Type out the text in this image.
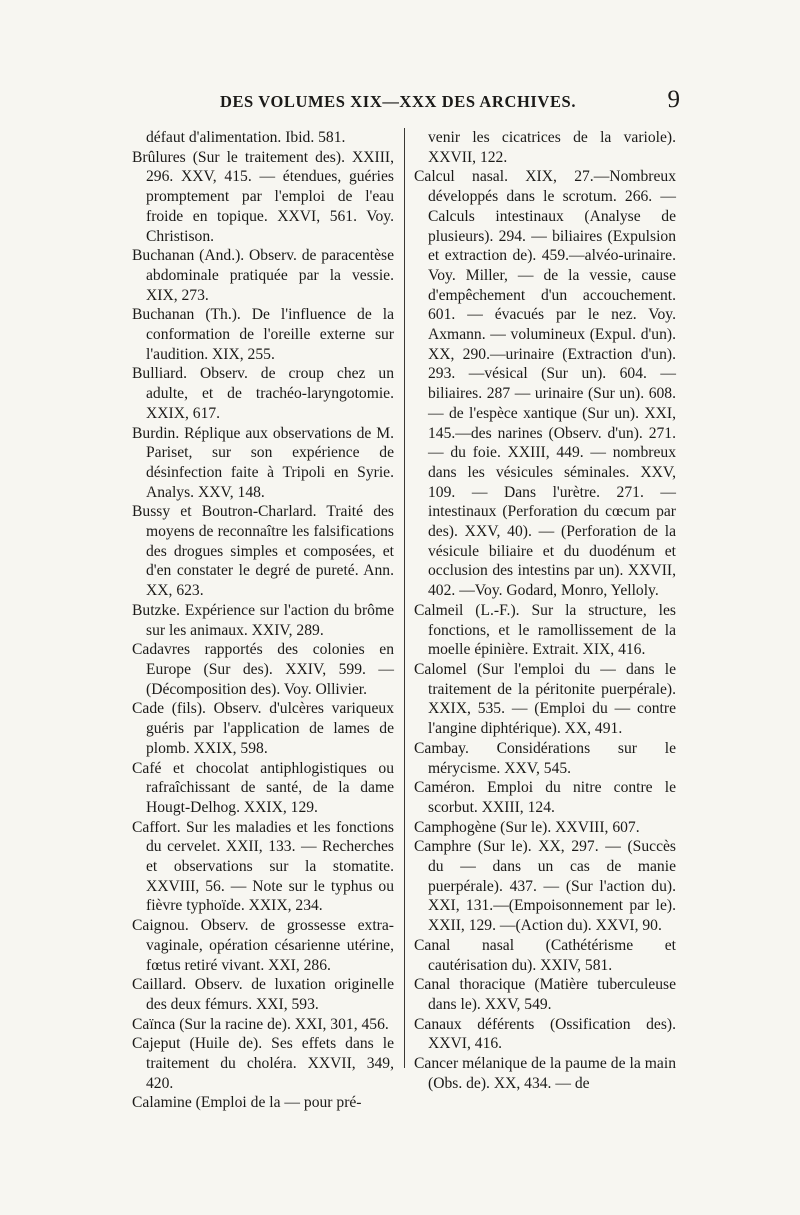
DES VOLUMES XIX—XXX DES ARCHIVES.	9

défaut d'alimentation. Ibid. 581.

Brûlures (Sur le traitement des). XXIII, 296. XXV, 415. — étendues, guéries promptement par l'emploi de l'eau froide en topique. XXVI, 561. Voy. Christison.

Buchanan (And.). Observ. de paracentèse abdominale pratiquée par la vessie. XIX, 273.

Buchanan (Th.). De l'influence de la conformation de l'oreille externe sur l'audition. XIX, 255.

Bulliard. Observ. de croup chez un adulte, et de trachéo-laryngotomie. XXIX, 617.

Burdin. Réplique aux observations de M. Pariset, sur son expérience de désinfection faite à Tripoli en Syrie. Analys. XXV, 148.

Bussy et Boutron-Charlard. Traité des moyens de reconnaître les falsifications des drogues simples et composées, et d'en constater le degré de pureté. Ann. XX, 623.

Butzke. Expérience sur l'action du brôme sur les animaux. XXIV, 289.

Cadavres rapportés des colonies en Europe (Sur des). XXIV, 599. — (Décomposition des). Voy. Ollivier.

Cade (fils). Observ. d'ulcères variqueux guéris par l'application de lames de plomb. XXIX, 598.

Café et chocolat antiphlogistiques ou rafraîchissant de santé, de la dame Hougt-Delhog. XXIX, 129.

Caffort. Sur les maladies et les fonctions du cervelet. XXII, 133. — Recherches et observations sur la stomatite. XXVIII, 56. — Note sur le typhus ou fièvre typhoïde. XXIX, 234.

Caignou. Observ. de grossesse extra-vaginale, opération césarienne utérine, fœtus retiré vivant. XXI, 286.

Caillard. Observ. de luxation originelle des deux fémurs. XXI, 593.

Caïnca (Sur la racine de). XXI, 301, 456.

Cajeput (Huile de). Ses effets dans le traitement du choléra. XXVII, 349, 420.

Calamine (Emploi de la — pour pré-

venir les cicatrices de la variole). XXVII, 122.

Calcul nasal. XIX, 27.—Nombreux développés dans le scrotum. 266. — Calculs intestinaux (Analyse de plusieurs). 294. — biliaires (Expulsion et extraction de). 459.—alvéo-urinaire. Voy. Miller, — de la vessie, cause d'empêchement d'un accouchement. 601. — évacués par le nez. Voy. Axmann. — volumineux (Expul. d'un). XX, 290.—urinaire (Extraction d'un). 293. —vésical (Sur un). 604. — biliaires. 287 — urinaire (Sur un). 608. — de l'espèce xantique (Sur un). XXI, 145.—des narines (Observ. d'un). 271. — du foie. XXIII, 449. — nombreux dans les vésicules séminales. XXV, 109. — Dans l'urètre. 271. — intestinaux (Perforation du cœcum par des). XXV, 40). — (Perforation de la vésicule biliaire et du duodénum et occlusion des intestins par un). XXVII, 402. —Voy. Godard, Monro, Yelloly.

Calmeil (L.-F.). Sur la structure, les fonctions, et le ramollissement de la moelle épinière. Extrait. XIX, 416.

Calomel (Sur l'emploi du — dans le traitement de la péritonite puerpérale). XXIX, 535. — (Emploi du — contre l'angine diphtérique). XX, 491.

Cambay. Considérations sur le mérycisme. XXV, 545.

Caméron. Emploi du nitre contre le scorbut. XXIII, 124.

Camphogène (Sur le). XXVIII, 607.

Camphre (Sur le). XX, 297. — (Succès du — dans un cas de manie puerpérale). 437. — (Sur l'action du). XXI, 131.—(Empoisonnement par le). XXII, 129. —(Action du). XXVI, 90.

Canal nasal (Cathétérisme et cautérisation du). XXIV, 581.

Canal thoracique (Matière tuberculeuse dans le). XXV, 549.

Canaux déférents (Ossification des). XXVI, 416.

Cancer mélanique de la paume de la main (Obs. de). XX, 434. — de
